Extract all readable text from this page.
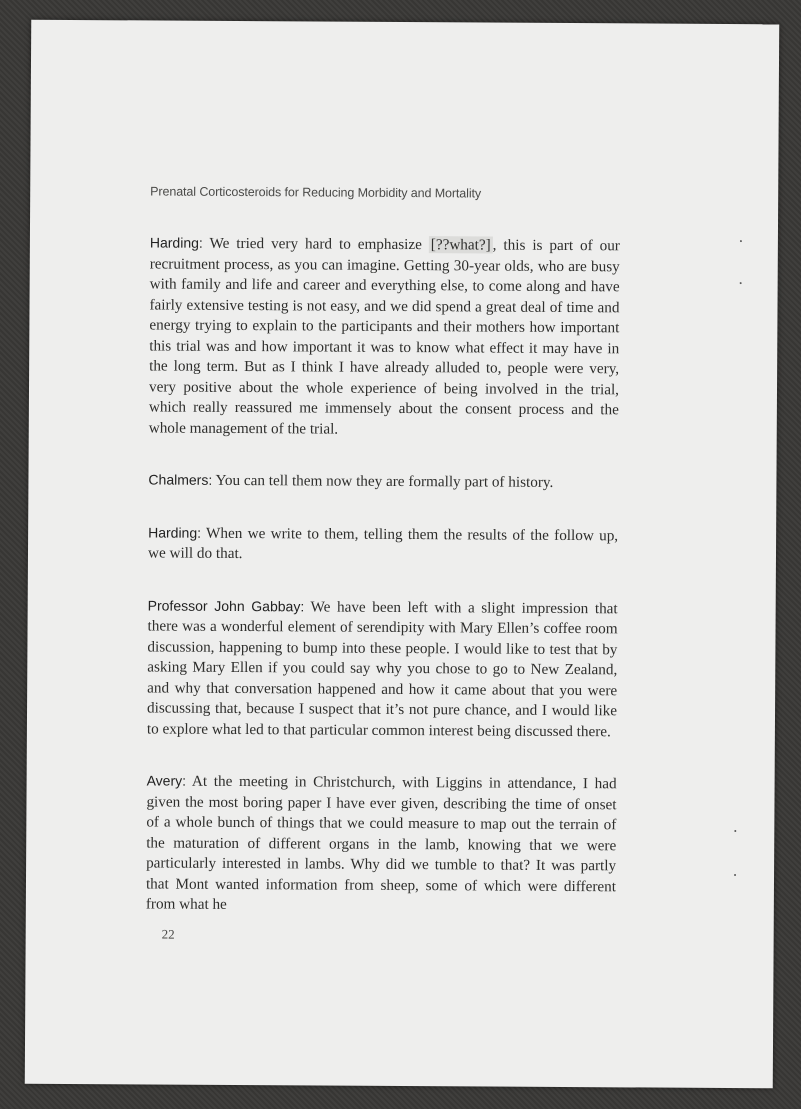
Prenatal Corticosteroids for Reducing Morbidity and Mortality

Harding: We tried very hard to emphasize [??what?] , this is part of our recruitment process, as you can imagine. Getting 30-year olds, who are busy with family and life and career and everything else, to come along and have fairly extensive testing is not easy, and we did spend a great deal of time and energy trying to explain to the participants and their mothers how important this trial was and how important it was to know what effect it may have in the long term. But as I think I have already alluded to, people were very, very positive about the whole experience of being involved in the trial, which really reassured me immensely about the consent process and the whole management of the trial.

Chalmers: You can tell them now they are formally part of history.

Harding: When we write to them, telling them the results of the follow up, we will do that.

Professor John Gabbay: We have been left with a slight impression that there was a wonderful element of serendipity with Mary Ellen’s coffee room discussion, happening to bump into these people. I would like to test that by asking Mary Ellen if you could say why you chose to go to New Zealand, and why that conversation happened and how it came about that you were discussing that, because I suspect that it’s not pure chance, and I would like to explore what led to that particular common interest being discussed there.

Avery: At the meeting in Christchurch, with Liggins in attendance, I had given the most boring paper I have ever given, describing the time of onset of a whole bunch of things that we could measure to map out the terrain of the maturation of different organs in the lamb, knowing that we were particularly interested in lambs. Why did we tumble to that? It was partly that Mont wanted information from sheep, some of which were different from what he

22
